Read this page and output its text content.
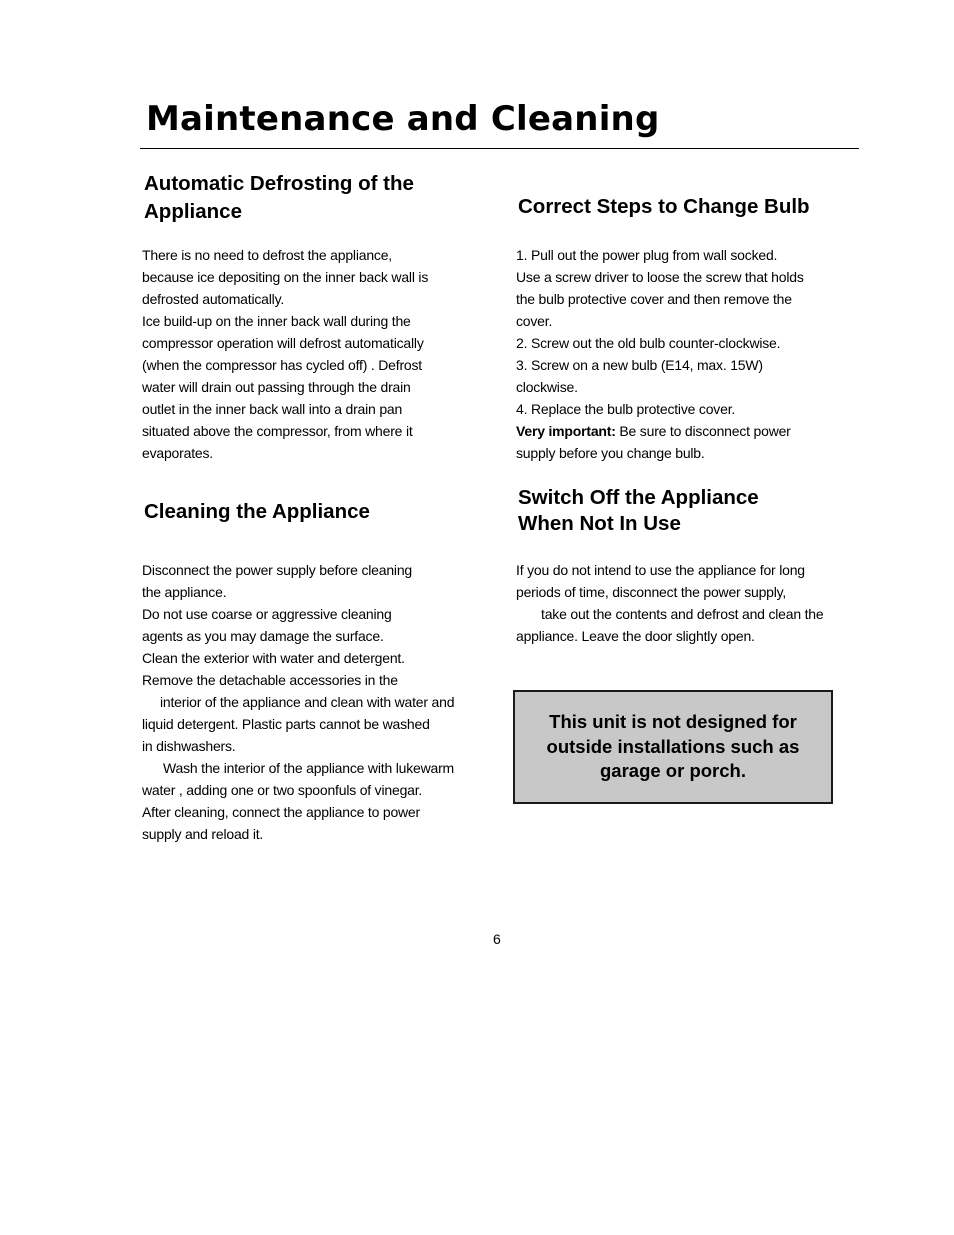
Maintenance and Cleaning
Automatic Defrosting of the
Appliance
There is no need to defrost the appliance,
because ice depositing on the inner back wall is
defrosted automatically.
Ice build-up on the inner back wall during the
compressor operation will defrost automatically
(when the compressor has cycled off) . Defrost
water will drain out passing through the drain
outlet in the inner back wall into a drain pan
situated above the compressor, from where it
evaporates.
Cleaning the Appliance
Disconnect the power supply before cleaning
the appliance.
Do not use coarse or aggressive cleaning
agents as you may damage the surface.
Clean the exterior with water and detergent.
Remove the detachable accessories in the
interior of the appliance and clean with water and
liquid detergent. Plastic parts cannot be washed
in dishwashers.
Wash the interior of the appliance with lukewarm
water , adding one or two spoonfuls of vinegar.
After cleaning, connect the appliance to power
supply and reload it.
Correct Steps to Change Bulb
1. Pull out the power plug from wall socked.
Use a screw driver to loose the screw that holds
the bulb protective cover and then remove the
cover.
2. Screw out the old bulb counter-clockwise.
3. Screw on a new bulb (E14, max. 15W)
clockwise.
4. Replace the bulb protective cover.
Very important: Be sure to disconnect power
supply before you change bulb.
Switch Off the Appliance
When Not In Use
If you do not intend to use the appliance for long
periods of time, disconnect the power supply,
take out the contents and defrost and clean the
appliance. Leave the door slightly open.
This unit is not designed for
outside installations such as
garage or porch.
6
